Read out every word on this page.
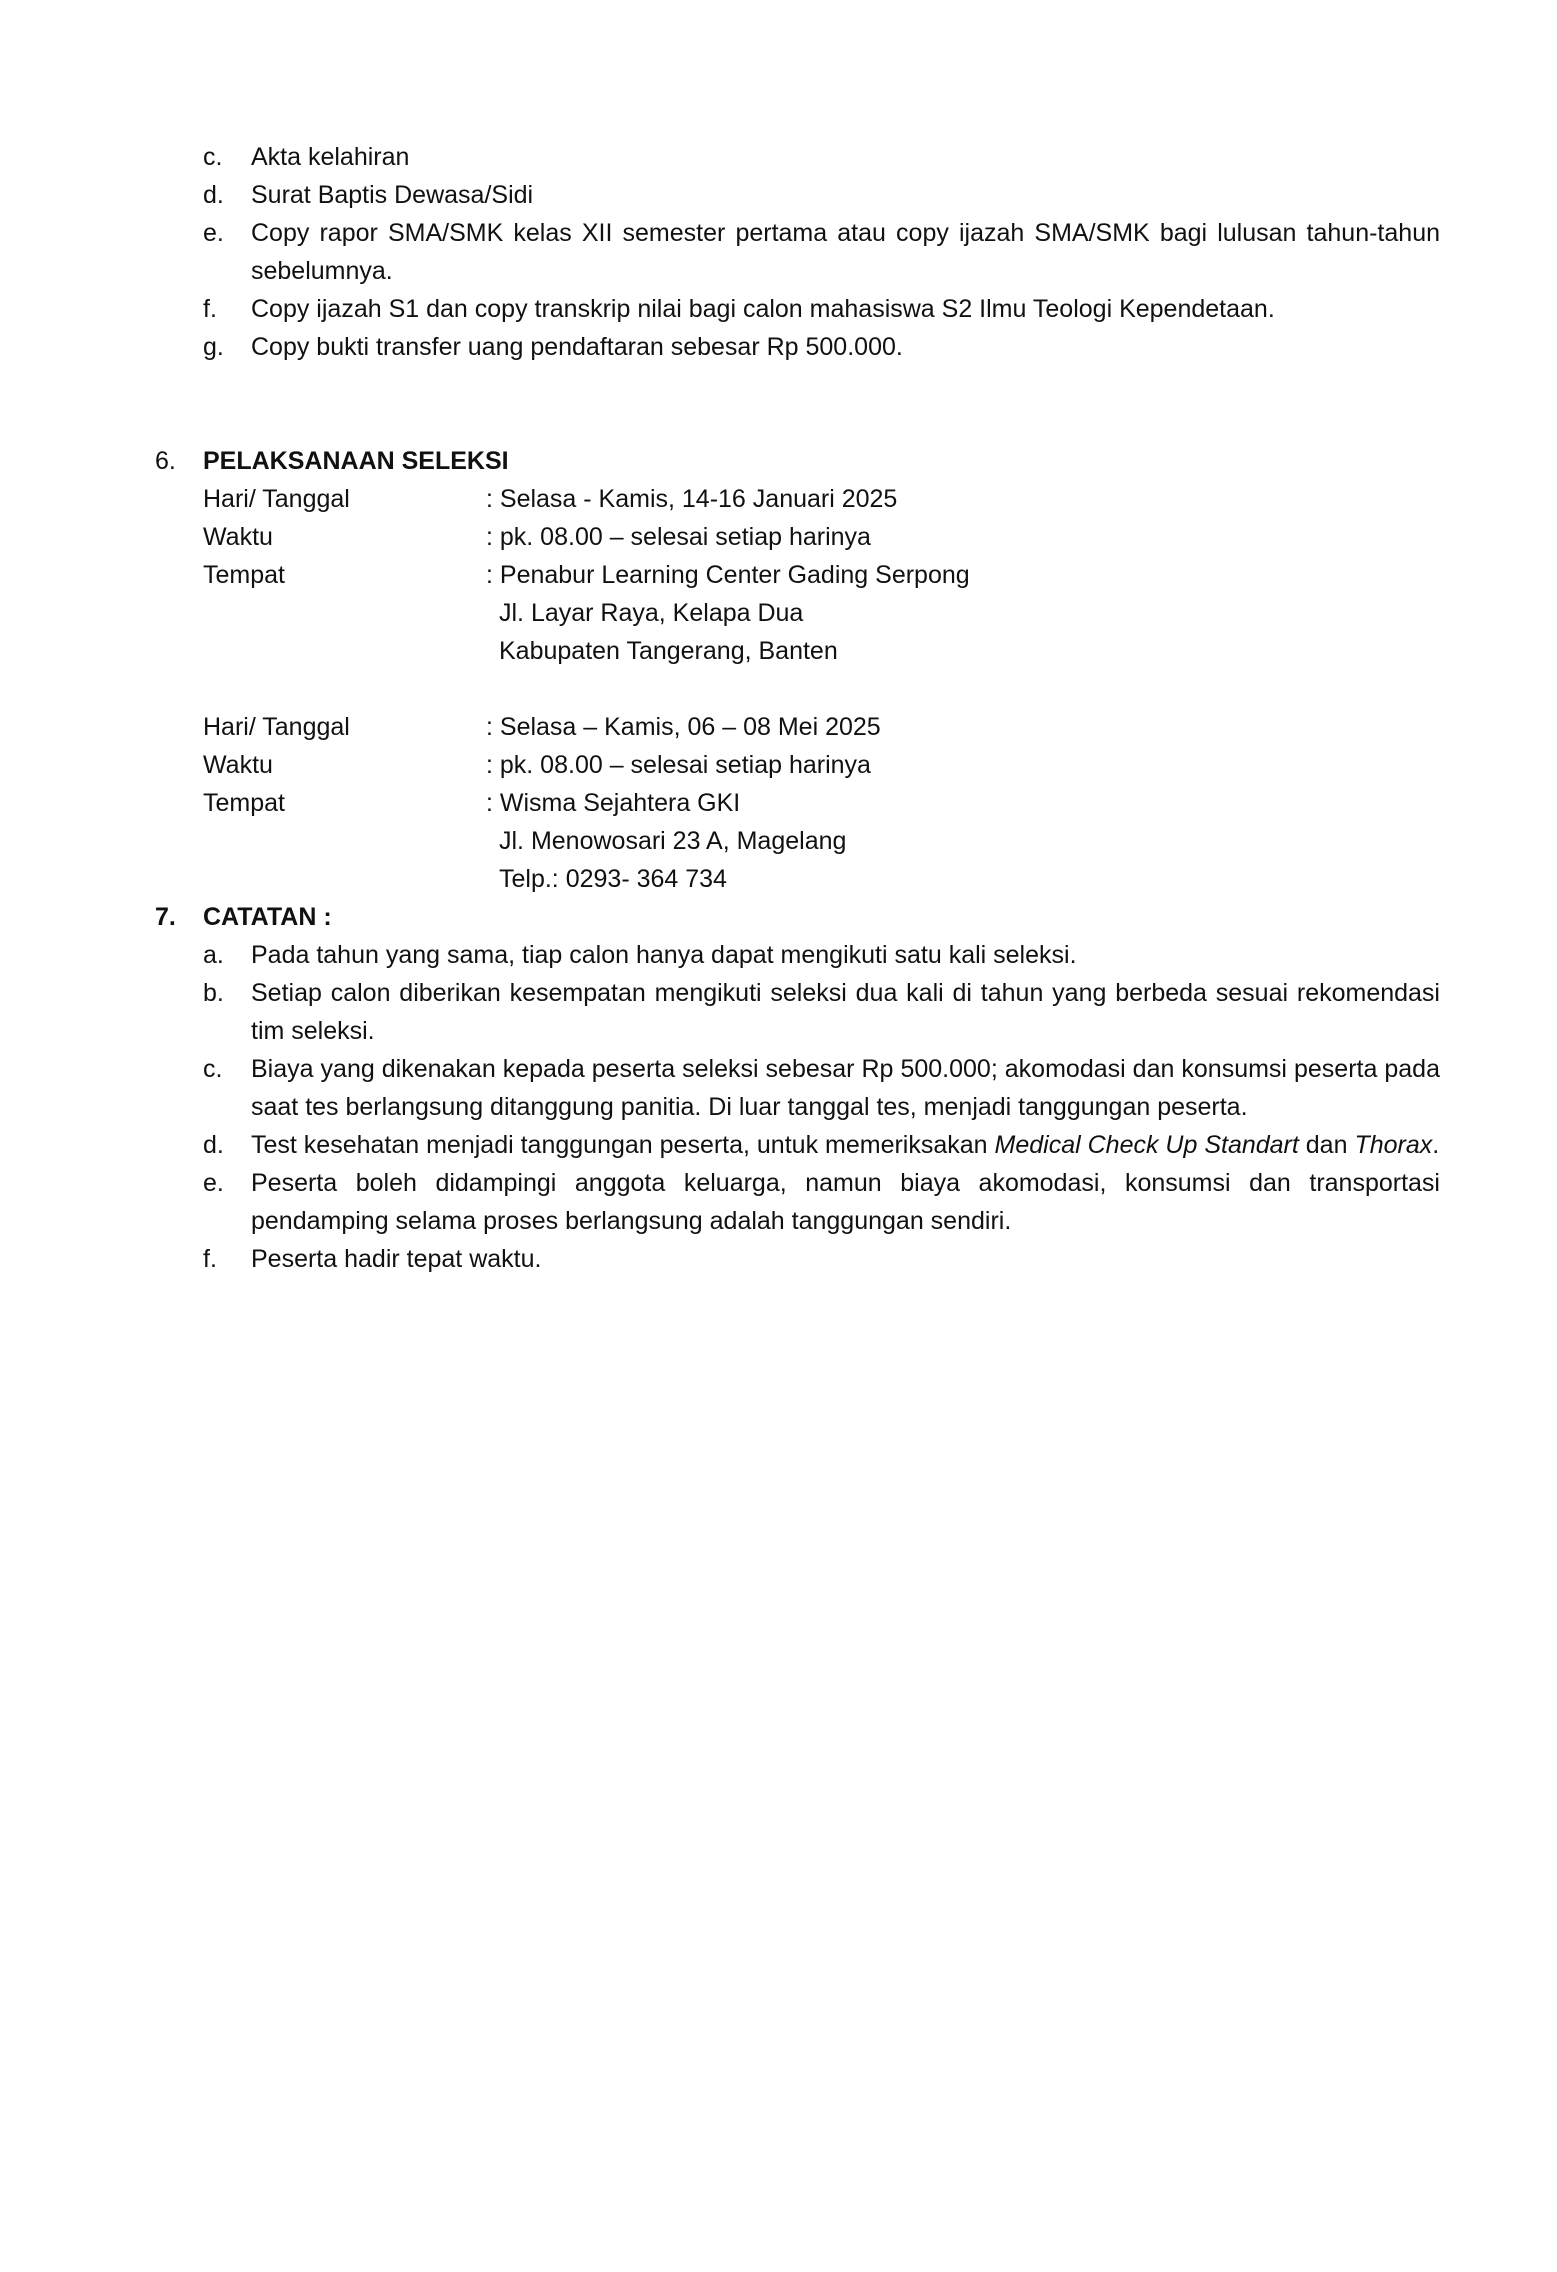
c.	Akta kelahiran
d.	Surat Baptis Dewasa/Sidi
e.	Copy rapor SMA/SMK kelas XII semester pertama atau copy ijazah SMA/SMK bagi lulusan tahun-tahun sebelumnya.
f.	Copy ijazah S1 dan copy transkrip nilai bagi calon mahasiswa S2 Ilmu Teologi Kependetaan.
g.	Copy bukti transfer uang pendaftaran sebesar Rp 500.000.
6. PELAKSANAAN SELEKSI
Hari/ Tanggal	: Selasa - Kamis, 14-16 Januari 2025
Waktu	: pk. 08.00 – selesai setiap harinya
Tempat	: Penabur Learning Center Gading Serpong
Jl. Layar Raya, Kelapa Dua
Kabupaten Tangerang, Banten
Hari/ Tanggal	: Selasa – Kamis, 06 – 08 Mei 2025
Waktu	: pk. 08.00 – selesai setiap harinya
Tempat	: Wisma Sejahtera GKI
Jl. Menowosari 23 A, Magelang
Telp.: 0293- 364 734
7. CATATAN :
a.	Pada tahun yang sama, tiap calon hanya dapat mengikuti satu kali seleksi.
b.	Setiap calon diberikan kesempatan mengikuti seleksi dua kali di tahun yang berbeda sesuai rekomendasi tim seleksi.
c.	Biaya yang dikenakan kepada peserta seleksi sebesar Rp 500.000; akomodasi dan konsumsi peserta pada saat tes berlangsung ditanggung panitia. Di luar tanggal tes, menjadi tanggungan peserta.
d.	Test kesehatan menjadi tanggungan peserta, untuk memeriksakan Medical Check Up Standart dan Thorax.
e.	Peserta boleh didampingi anggota keluarga, namun biaya akomodasi, konsumsi dan transportasi pendamping selama proses berlangsung adalah tanggungan sendiri.
f.	Peserta hadir tepat waktu.
